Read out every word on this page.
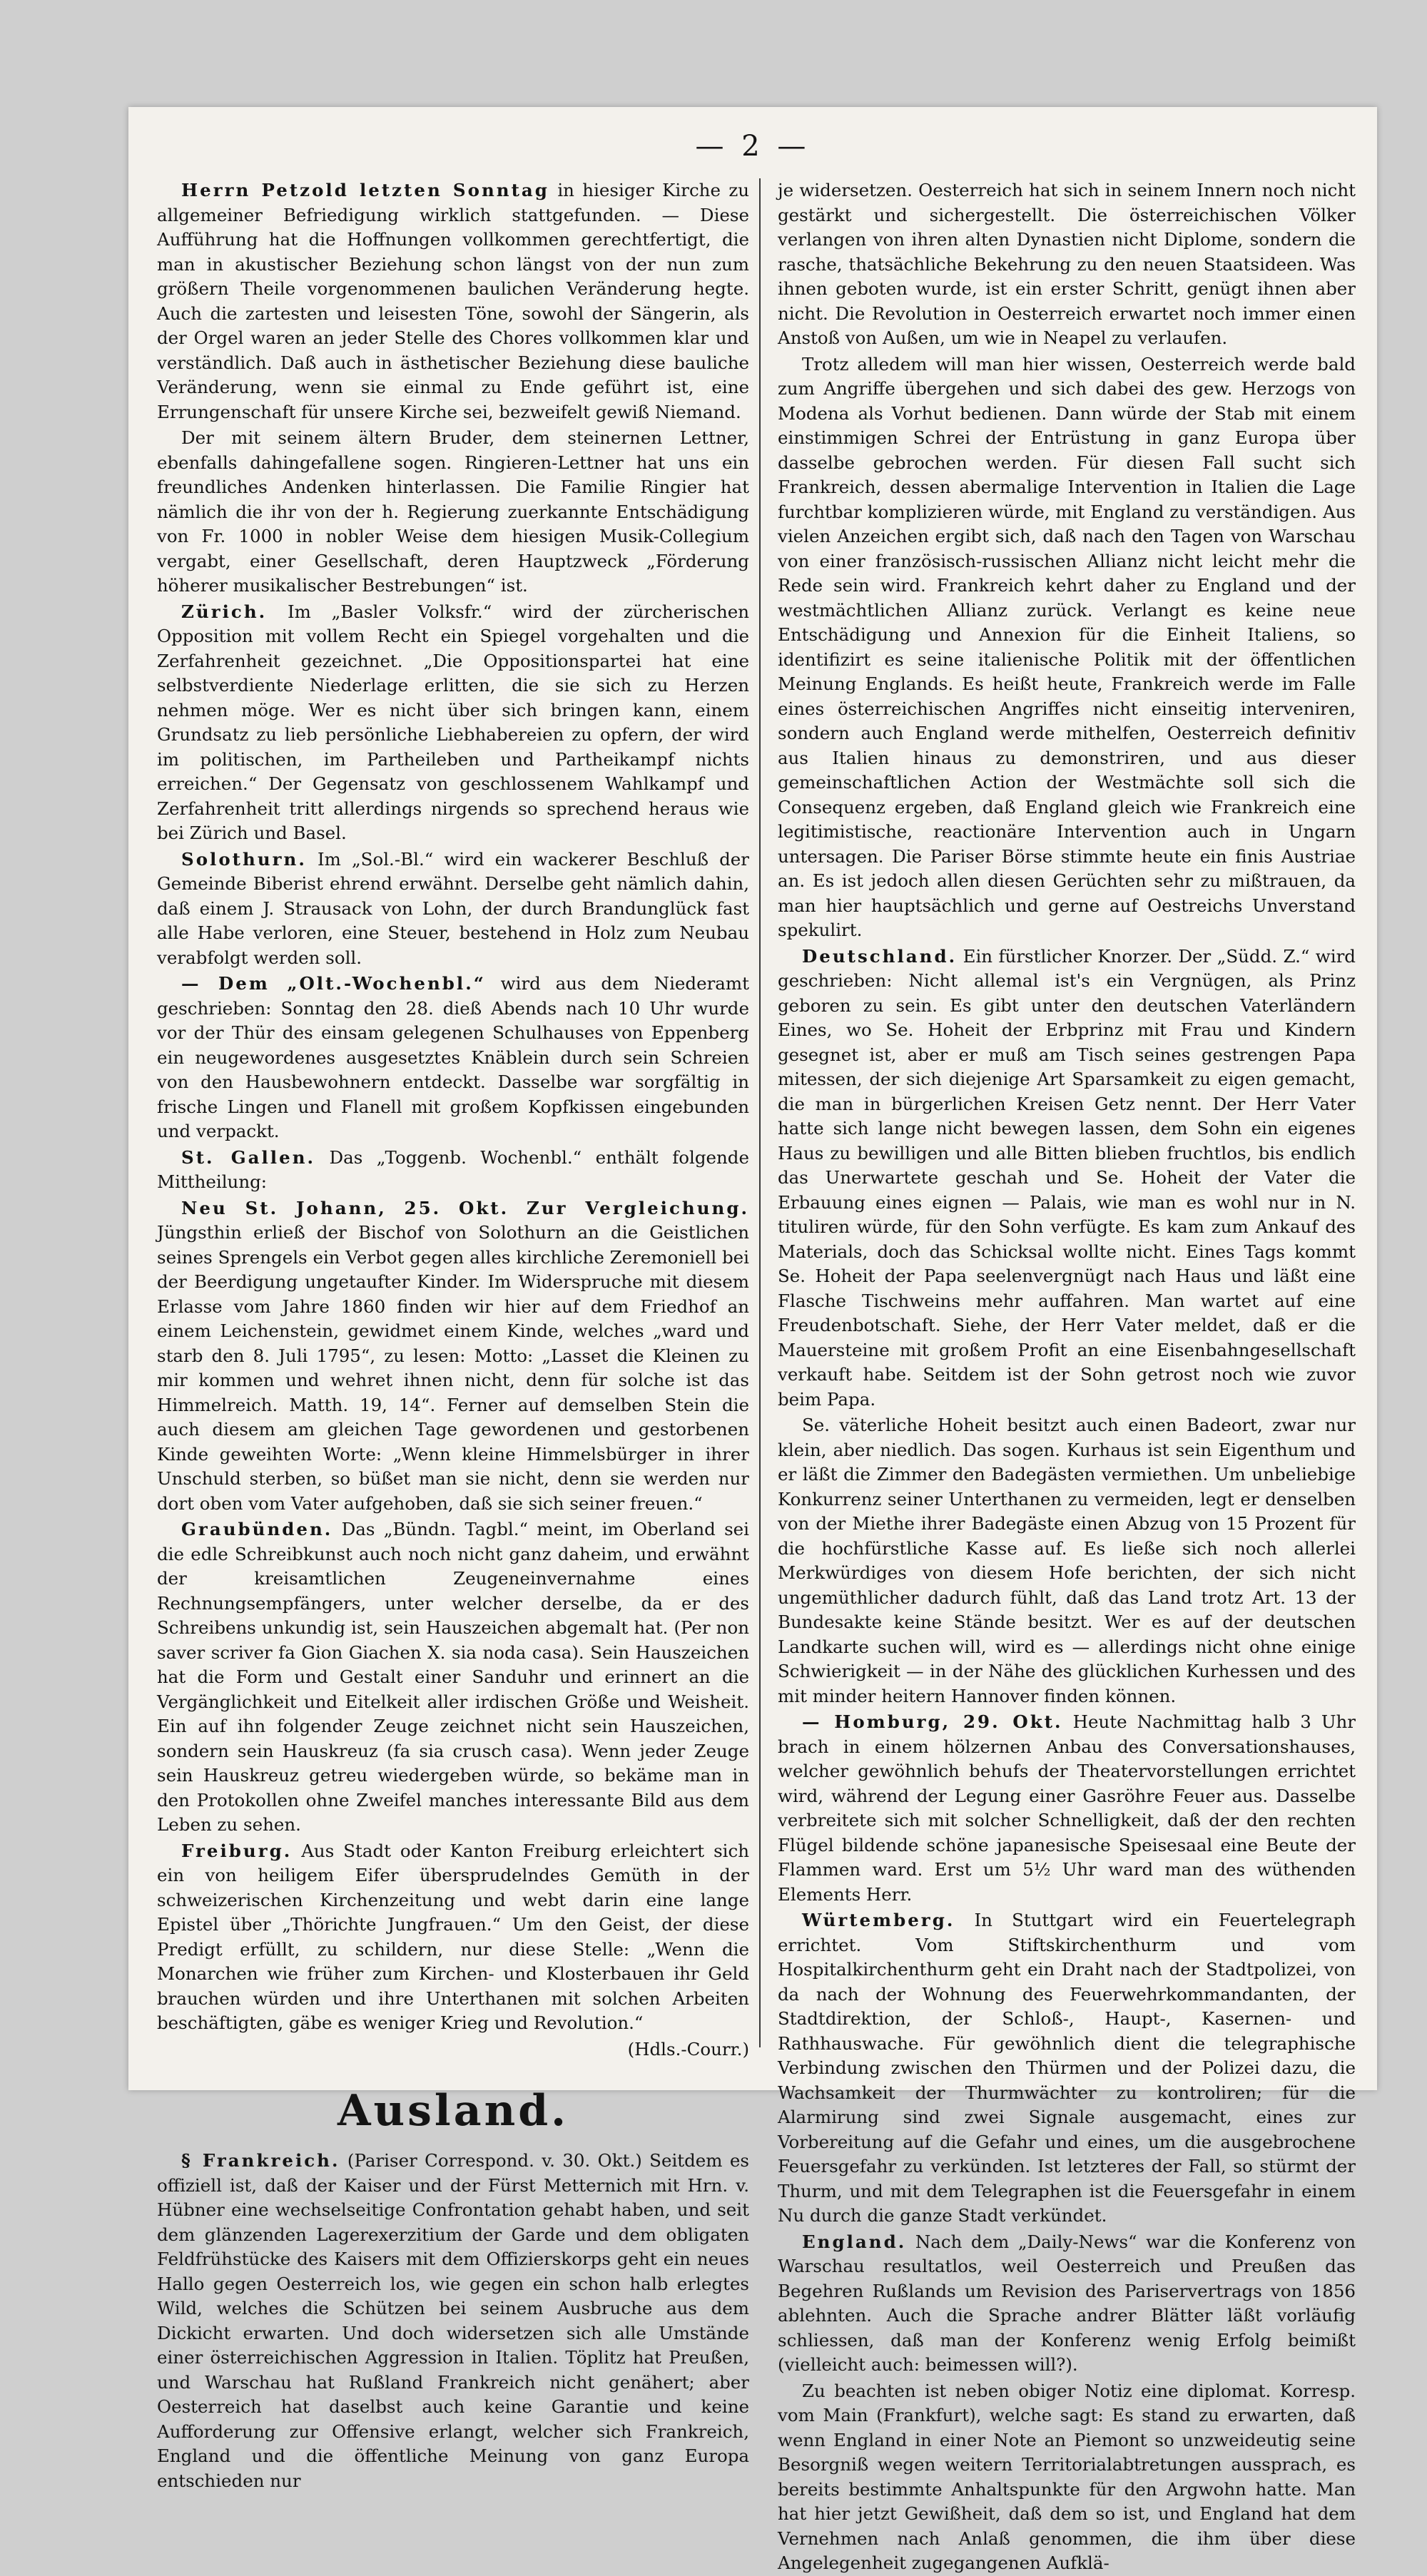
— 2 —

Herrn Petzold letzten Sonntag in hiesiger Kirche zu allgemeiner Befriedigung wirklich stattgefunden. — Diese Aufführung hat die Hoffnungen vollkommen gerechtfertigt, die man in akustischer Beziehung schon längst von der nun zum größern Theile vorgenommenen baulichen Veränderung hegte. Auch die zartesten und leisesten Töne, sowohl der Sängerin, als der Orgel waren an jeder Stelle des Chores vollkommen klar und verständlich. Daß auch in ästhetischer Beziehung diese bauliche Veränderung, wenn sie einmal zu Ende geführt ist, eine Errungenschaft für unsere Kirche sei, bezweifelt gewiß Niemand.

Der mit seinem ältern Bruder, dem steinernen Lettner, ebenfalls dahingefallene sogen. Ringieren-Lettner hat uns ein freundliches Andenken hinterlassen. Die Familie Ringier hat nämlich die ihr von der h. Regierung zuerkannte Entschädigung von Fr. 1000 in nobler Weise dem hiesigen Musik-Collegium vergabt, einer Gesellschaft, deren Hauptzweck „Förderung höherer musikalischer Bestrebungen“ ist.

Zürich. Im „Basler Volksfr.“ wird der zürcherischen Opposition mit vollem Recht ein Spiegel vorgehalten und die Zerfahrenheit gezeichnet. „Die Oppositionspartei hat eine selbstverdiente Niederlage erlitten, die sie sich zu Herzen nehmen möge. Wer es nicht über sich bringen kann, einem Grundsatz zu lieb persönliche Liebhabereien zu opfern, der wird im politischen, im Partheileben und Partheikampf nichts erreichen.“ Der Gegensatz von geschlossenem Wahlkampf und Zerfahrenheit tritt allerdings nirgends so sprechend heraus wie bei Zürich und Basel.

Solothurn. Im „Sol.-Bl.“ wird ein wackerer Beschluß der Gemeinde Biberist ehrend erwähnt. Derselbe geht nämlich dahin, daß einem J. Strausack von Lohn, der durch Brandunglück fast alle Habe verloren, eine Steuer, bestehend in Holz zum Neubau verabfolgt werden soll.

— Dem „Olt.-Wochenbl.“ wird aus dem Niederamt geschrieben: Sonntag den 28. dieß Abends nach 10 Uhr wurde vor der Thür des einsam gelegenen Schulhauses von Eppenberg ein neugewordenes ausgesetztes Knäblein durch sein Schreien von den Hausbewohnern entdeckt. Dasselbe war sorgfältig in frische Lingen und Flanell mit großem Kopfkissen eingebunden und verpackt.

St. Gallen. Das „Toggenb. Wochenbl.“ enthält folgende Mittheilung:

Neu St. Johann, 25. Okt. Zur Vergleichung. Jüngsthin erließ der Bischof von Solothurn an die Geistlichen seines Sprengels ein Verbot gegen alles kirchliche Zeremoniell bei der Beerdigung ungetaufter Kinder. Im Widerspruche mit diesem Erlasse vom Jahre 1860 finden wir hier auf dem Friedhof an einem Leichenstein, gewidmet einem Kinde, welches „ward und starb den 8. Juli 1795“, zu lesen: Motto: „Lasset die Kleinen zu mir kommen und wehret ihnen nicht, denn für solche ist das Himmelreich. Matth. 19, 14“. Ferner auf demselben Stein die auch diesem am gleichen Tage gewordenen und gestorbenen Kinde geweihten Worte: „Wenn kleine Himmelsbürger in ihrer Unschuld sterben, so büßet man sie nicht, denn sie werden nur dort oben vom Vater aufgehoben, daß sie sich seiner freuen.“

Graubünden. Das „Bündn. Tagbl.“ meint, im Oberland sei die edle Schreibkunst auch noch nicht ganz daheim, und erwähnt der kreisamtlichen Zeugeneinvernahme eines Rechnungsempfängers, unter welcher derselbe, da er des Schreibens unkundig ist, sein Hauszeichen abgemalt hat. (Per non saver scriver fa Gion Giachen X. sia noda casa). Sein Hauszeichen hat die Form und Gestalt einer Sanduhr und erinnert an die Vergänglichkeit und Eitelkeit aller irdischen Größe und Weisheit. Ein auf ihn folgender Zeuge zeichnet nicht sein Hauszeichen, sondern sein Hauskreuz (fa sia crusch casa). Wenn jeder Zeuge sein Hauskreuz getreu wiedergeben würde, so bekäme man in den Protokollen ohne Zweifel manches interessante Bild aus dem Leben zu sehen.

Freiburg. Aus Stadt oder Kanton Freiburg erleichtert sich ein von heiligem Eifer übersprudelndes Gemüth in der schweizerischen Kirchenzeitung und webt darin eine lange Epistel über „Thörichte Jungfrauen.“ Um den Geist, der diese Predigt erfüllt, zu schildern, nur diese Stelle: „Wenn die Monarchen wie früher zum Kirchen- und Klosterbauen ihr Geld brauchen würden und ihre Unterthanen mit solchen Arbeiten beschäftigten, gäbe es weniger Krieg und Revolution.“

(Hdls.-Courr.)
Ausland.

§ Frankreich. (Pariser Correspond. v. 30. Okt.) Seitdem es offiziell ist, daß der Kaiser und der Fürst Metternich mit Hrn. v. Hübner eine wechselseitige Confrontation gehabt haben, und seit dem glänzenden Lagerexerzitium der Garde und dem obligaten Feldfrühstücke des Kaisers mit dem Offizierskorps geht ein neues Hallo gegen Oesterreich los, wie gegen ein schon halb erlegtes Wild, welches die Schützen bei seinem Ausbruche aus dem Dickicht erwarten. Und doch widersetzen sich alle Umstände einer österreichischen Aggression in Italien. Töplitz hat Preußen, und Warschau hat Rußland Frankreich nicht genähert; aber Oesterreich hat daselbst auch keine Garantie und keine Aufforderung zur Offensive erlangt, welcher sich Frankreich, England und die öffentliche Meinung von ganz Europa entschieden nur

je widersetzen. Oesterreich hat sich in seinem Innern noch nicht gestärkt und sichergestellt. Die österreichischen Völker verlangen von ihren alten Dynastien nicht Diplome, sondern die rasche, thatsächliche Bekehrung zu den neuen Staatsideen. Was ihnen geboten wurde, ist ein erster Schritt, genügt ihnen aber nicht. Die Revolution in Oesterreich erwartet noch immer einen Anstoß von Außen, um wie in Neapel zu verlaufen.

Trotz alledem will man hier wissen, Oesterreich werde bald zum Angriffe übergehen und sich dabei des gew. Herzogs von Modena als Vorhut bedienen. Dann würde der Stab mit einem einstimmigen Schrei der Entrüstung in ganz Europa über dasselbe gebrochen werden. Für diesen Fall sucht sich Frankreich, dessen abermalige Intervention in Italien die Lage furchtbar komplizieren würde, mit England zu verständigen. Aus vielen Anzeichen ergibt sich, daß nach den Tagen von Warschau von einer französisch-russischen Allianz nicht leicht mehr die Rede sein wird. Frankreich kehrt daher zu England und der westmächtlichen Allianz zurück. Verlangt es keine neue Entschädigung und Annexion für die Einheit Italiens, so identifizirt es seine italienische Politik mit der öffentlichen Meinung Englands. Es heißt heute, Frankreich werde im Falle eines österreichischen Angriffes nicht einseitig interveniren, sondern auch England werde mithelfen, Oesterreich definitiv aus Italien hinaus zu demonstriren, und aus dieser gemeinschaftlichen Action der Westmächte soll sich die Consequenz ergeben, daß England gleich wie Frankreich eine legitimistische, reactionäre Intervention auch in Ungarn untersagen. Die Pariser Börse stimmte heute ein finis Austriae an. Es ist jedoch allen diesen Gerüchten sehr zu mißtrauen, da man hier hauptsächlich und gerne auf Oestreichs Unverstand spekulirt.

Deutschland. Ein fürstlicher Knorzer. Der „Südd. Z.“ wird geschrieben: Nicht allemal ist's ein Vergnügen, als Prinz geboren zu sein. Es gibt unter den deutschen Vaterländern Eines, wo Se. Hoheit der Erbprinz mit Frau und Kindern gesegnet ist, aber er muß am Tisch seines gestrengen Papa mitessen, der sich diejenige Art Sparsamkeit zu eigen gemacht, die man in bürgerlichen Kreisen Getz nennt. Der Herr Vater hatte sich lange nicht bewegen lassen, dem Sohn ein eigenes Haus zu bewilligen und alle Bitten blieben fruchtlos, bis endlich das Unerwartete geschah und Se. Hoheit der Vater die Erbauung eines eignen — Palais, wie man es wohl nur in N. tituliren würde, für den Sohn verfügte. Es kam zum Ankauf des Materials, doch das Schicksal wollte nicht. Eines Tags kommt Se. Hoheit der Papa seelenvergnügt nach Haus und läßt eine Flasche Tischweins mehr auffahren. Man wartet auf eine Freudenbotschaft. Siehe, der Herr Vater meldet, daß er die Mauersteine mit großem Profit an eine Eisenbahngesellschaft verkauft habe. Seitdem ist der Sohn getrost noch wie zuvor beim Papa.

Se. väterliche Hoheit besitzt auch einen Badeort, zwar nur klein, aber niedlich. Das sogen. Kurhaus ist sein Eigenthum und er läßt die Zimmer den Badegästen vermiethen. Um unbeliebige Konkurrenz seiner Unterthanen zu vermeiden, legt er denselben von der Miethe ihrer Badegäste einen Abzug von 15 Prozent für die hochfürstliche Kasse auf. Es ließe sich noch allerlei Merkwürdiges von diesem Hofe berichten, der sich nicht ungemüthlicher dadurch fühlt, daß das Land trotz Art. 13 der Bundesakte keine Stände besitzt. Wer es auf der deutschen Landkarte suchen will, wird es — allerdings nicht ohne einige Schwierigkeit — in der Nähe des glücklichen Kurhessen und des mit minder heitern Hannover finden können.

— Homburg, 29. Okt. Heute Nachmittag halb 3 Uhr brach in einem hölzernen Anbau des Conversationshauses, welcher gewöhnlich behufs der Theatervorstellungen errichtet wird, während der Legung einer Gasröhre Feuer aus. Dasselbe verbreitete sich mit solcher Schnelligkeit, daß der den rechten Flügel bildende schöne japanesische Speisesaal eine Beute der Flammen ward. Erst um 5½ Uhr ward man des wüthenden Elements Herr.

Würtemberg. In Stuttgart wird ein Feuertelegraph errichtet. Vom Stiftskirchenthurm und vom Hospitalkirchenthurm geht ein Draht nach der Stadtpolizei, von da nach der Wohnung des Feuerwehrkommandanten, der Stadtdirektion, der Schloß-, Haupt-, Kasernen- und Rathhauswache. Für gewöhnlich dient die telegraphische Verbindung zwischen den Thürmen und der Polizei dazu, die Wachsamkeit der Thurmwächter zu kontroliren; für die Alarmirung sind zwei Signale ausgemacht, eines zur Vorbereitung auf die Gefahr und eines, um die ausgebrochene Feuersgefahr zu verkünden. Ist letzteres der Fall, so stürmt der Thurm, und mit dem Telegraphen ist die Feuersgefahr in einem Nu durch die ganze Stadt verkündet.

England. Nach dem „Daily-News“ war die Konferenz von Warschau resultatlos, weil Oesterreich und Preußen das Begehren Rußlands um Revision des Pariservertrags von 1856 ablehnten. Auch die Sprache andrer Blätter läßt vorläufig schliessen, daß man der Konferenz wenig Erfolg beimißt (vielleicht auch: beimessen will?).

Zu beachten ist neben obiger Notiz eine diplomat. Korresp. vom Main (Frankfurt), welche sagt: Es stand zu erwarten, daß wenn England in einer Note an Piemont so unzweideutig seine Besorgniß wegen weitern Territorialabtretungen aussprach, es bereits bestimmte Anhaltspunkte für den Argwohn hatte. Man hat hier jetzt Gewißheit, daß dem so ist, und England hat dem Vernehmen nach Anlaß genommen, die ihm über diese Angelegenheit zugegangenen Aufklä-
